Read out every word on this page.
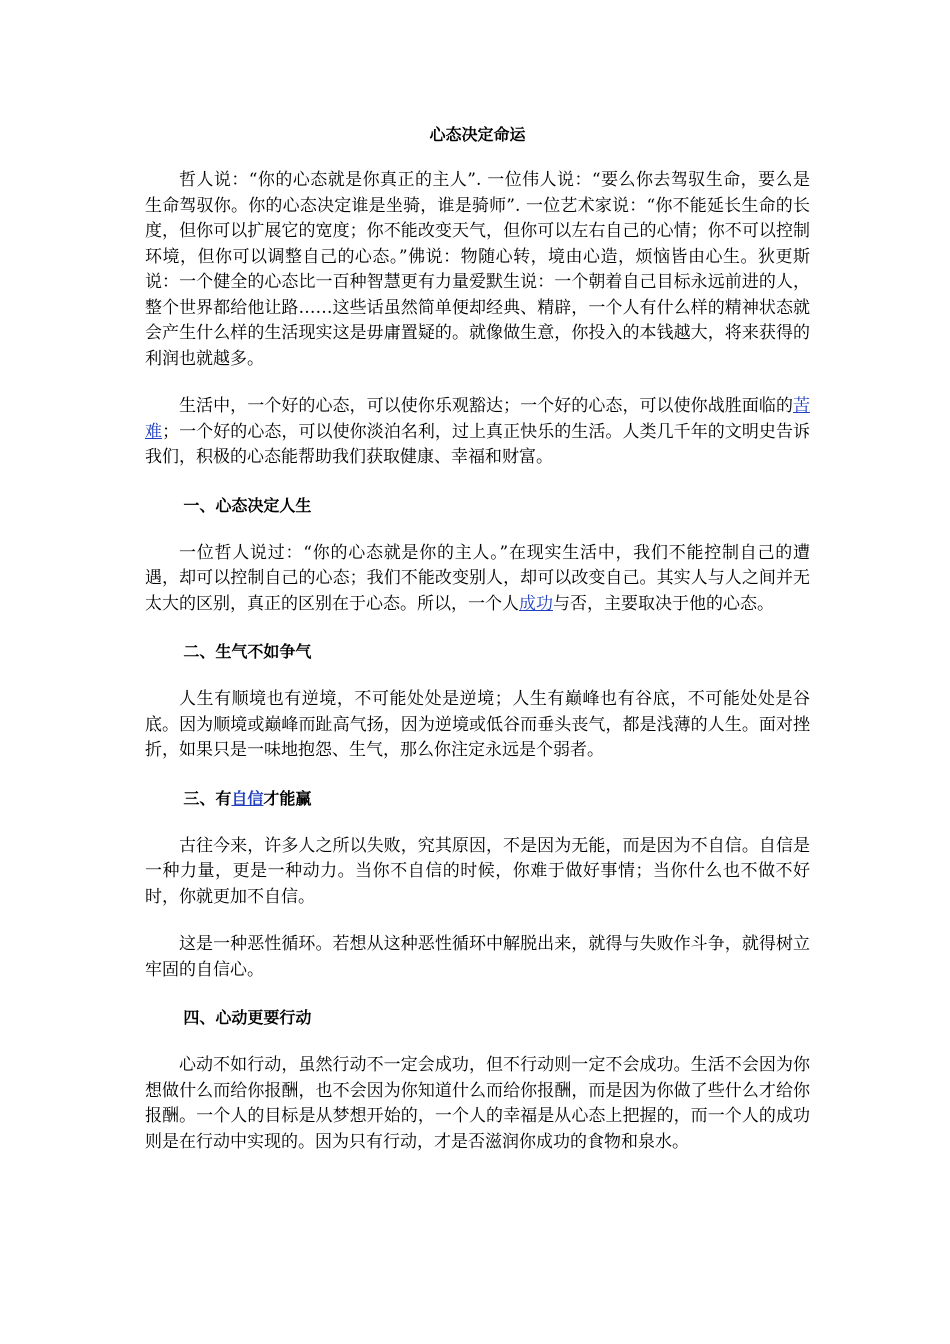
心态决定命运

哲人说：“你的心态就是你真正的主人”. 一位伟人说：“要么你去驾驭生命，要么是生命驾驭你。你的心态决定谁是坐骑，谁是骑师”. 一位艺术家说：“你不能延长生命的长度，但你可以扩展它的宽度；你不能改变天气，但你可以左右自己的心情；你不可以控制环境，但你可以调整自己的心态。”佛说：物随心转，境由心造，烦恼皆由心生。狄更斯说：一个健全的心态比一百种智慧更有力量爱默生说：一个朝着自己目标永远前进的人，整个世界都给他让路……这些话虽然简单便却经典、精辟，一个人有什么样的精神状态就会产生什么样的生活现实这是毋庸置疑的。就像做生意，你投入的本钱越大，将来获得的利润也就越多。

生活中，一个好的心态，可以使你乐观豁达；一个好的心态，可以使你战胜面临的苦难；一个好的心态，可以使你淡泊名利，过上真正快乐的生活。人类几千年的文明史告诉我们，积极的心态能帮助我们获取健康、幸福和财富。

一、心态决定人生

一位哲人说过：“你的心态就是你的主人。”在现实生活中，我们不能控制自己的遭遇，却可以控制自己的心态；我们不能改变别人，却可以改变自己。其实人与人之间并无太大的区别，真正的区别在于心态。所以，一个人成功与否，主要取决于他的心态。

二、生气不如争气

人生有顺境也有逆境，不可能处处是逆境；人生有巅峰也有谷底，不可能处处是谷底。因为顺境或巅峰而趾高气扬，因为逆境或低谷而垂头丧气，都是浅薄的人生。面对挫折，如果只是一味地抱怨、生气，那么你注定永远是个弱者。

三、有自信才能赢

古往今来，许多人之所以失败，究其原因，不是因为无能，而是因为不自信。自信是一种力量，更是一种动力。当你不自信的时候，你难于做好事情；当你什么也不做不好时，你就更加不自信。

这是一种恶性循环。若想从这种恶性循环中解脱出来，就得与失败作斗争，就得树立牢固的自信心。

四、心动更要行动

心动不如行动，虽然行动不一定会成功，但不行动则一定不会成功。生活不会因为你想做什么而给你报酬，也不会因为你知道什么而给你报酬，而是因为你做了些什么才给你报酬。一个人的目标是从梦想开始的，一个人的幸福是从心态上把握的，而一个人的成功则是在行动中实现的。因为只有行动，才是否滋润你成功的食物和泉水。
